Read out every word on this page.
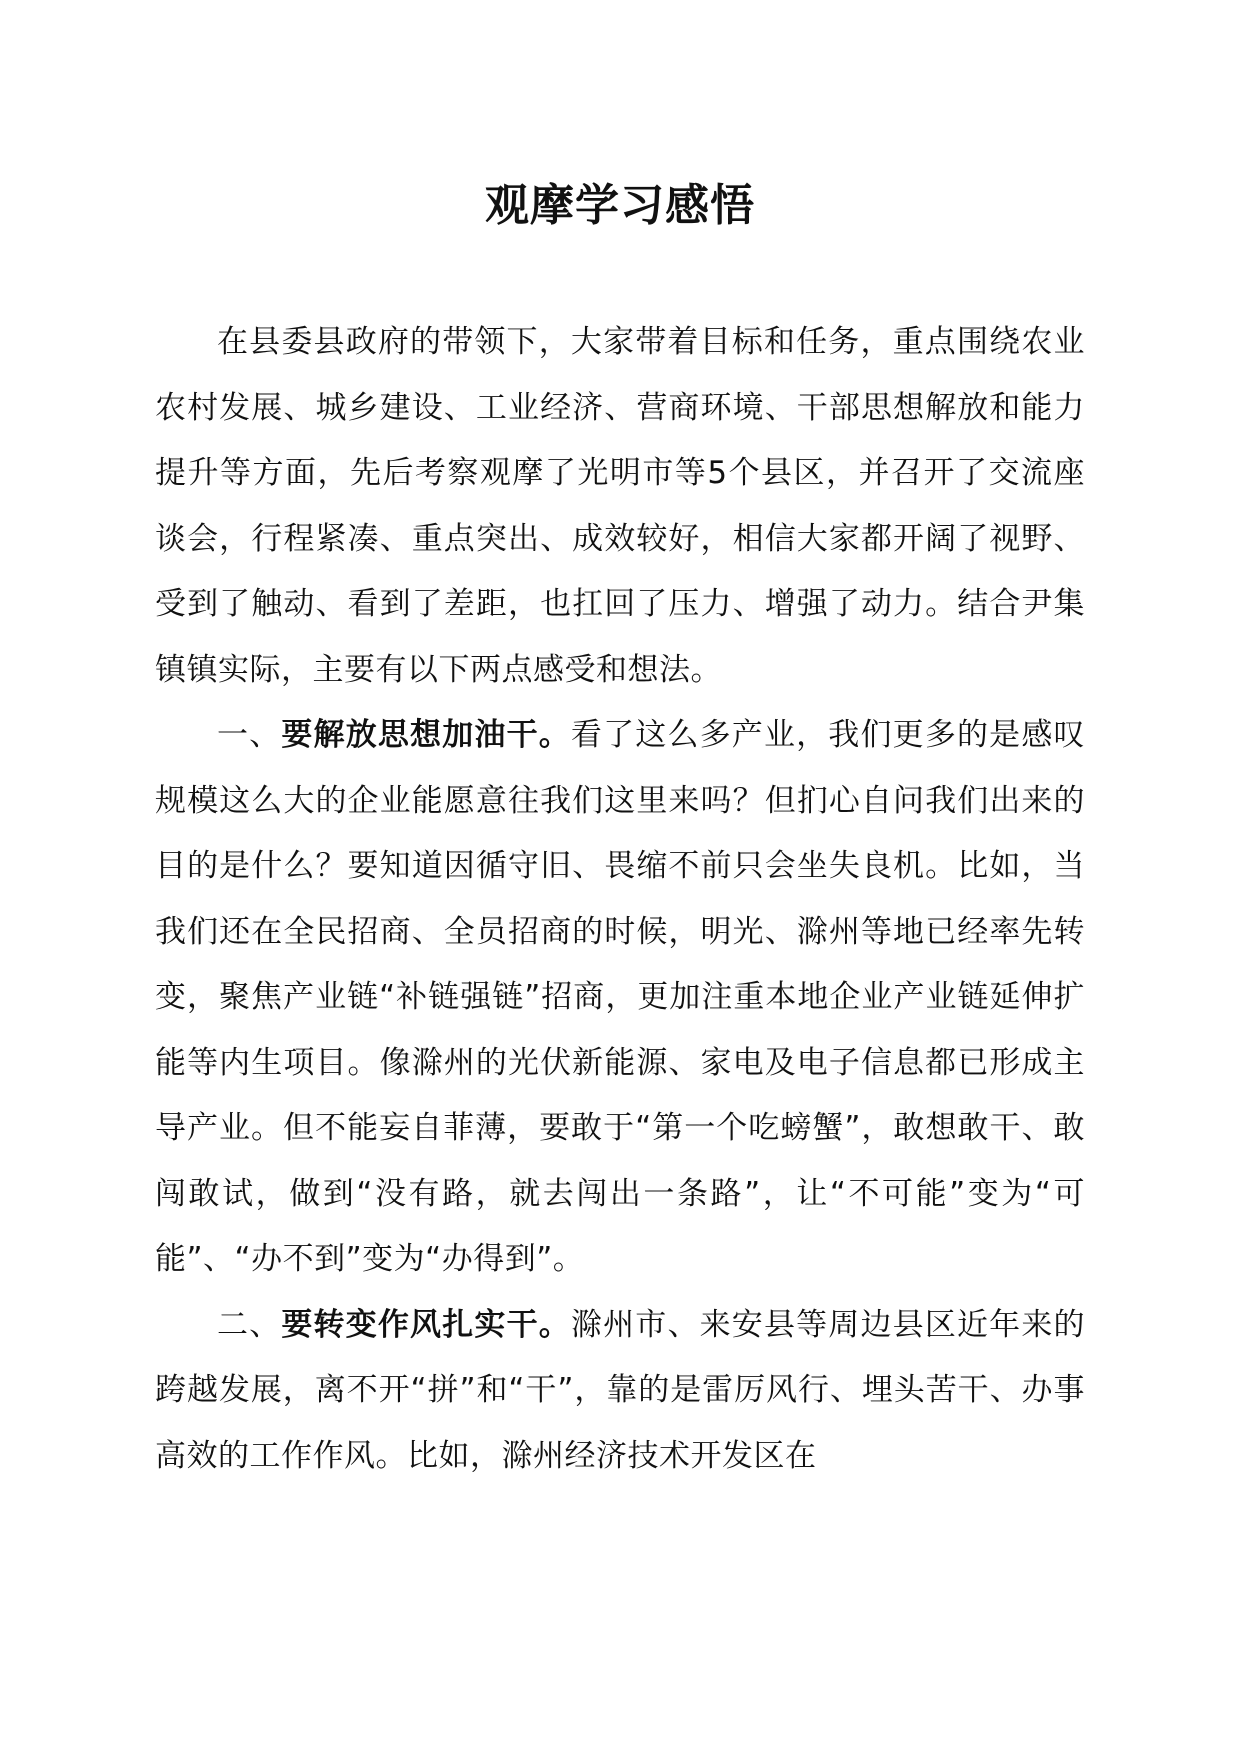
观摩学习感悟

在县委县政府的带领下，大家带着目标和任务，重点围绕农业农村发展、城乡建设、工业经济、营商环境、干部思想解放和能力提升等方面，先后考察观摩了光明市等5个县区，并召开了交流座谈会，行程紧凑、重点突出、成效较好，相信大家都开阔了视野、受到了触动、看到了差距，也扛回了压力、增强了动力。结合尹集镇镇实际，主要有以下两点感受和想法。

一、要解放思想加油干。看了这么多产业，我们更多的是感叹规模这么大的企业能愿意往我们这里来吗？但扪心自问我们出来的目的是什么？要知道因循守旧、畏缩不前只会坐失良机。比如，当我们还在全民招商、全员招商的时候，明光、滁州等地已经率先转变，聚焦产业链“补链强链”招商，更加注重本地企业产业链延伸扩能等内生项目。像滁州的光伏新能源、家电及电子信息都已形成主导产业。但不能妄自菲薄，要敢于“第一个吃螃蟹”，敢想敢干、敢闯敢试，做到“没有路，就去闯出一条路”，让“不可能”变为“可能”、“办不到”变为“办得到”。

二、要转变作风扎实干。滁州市、来安县等周边县区近年来的跨越发展，离不开“拼”和“干”，靠的是雷厉风行、埋头苦干、办事高效的工作作风。比如，滁州经济技术开发区在
